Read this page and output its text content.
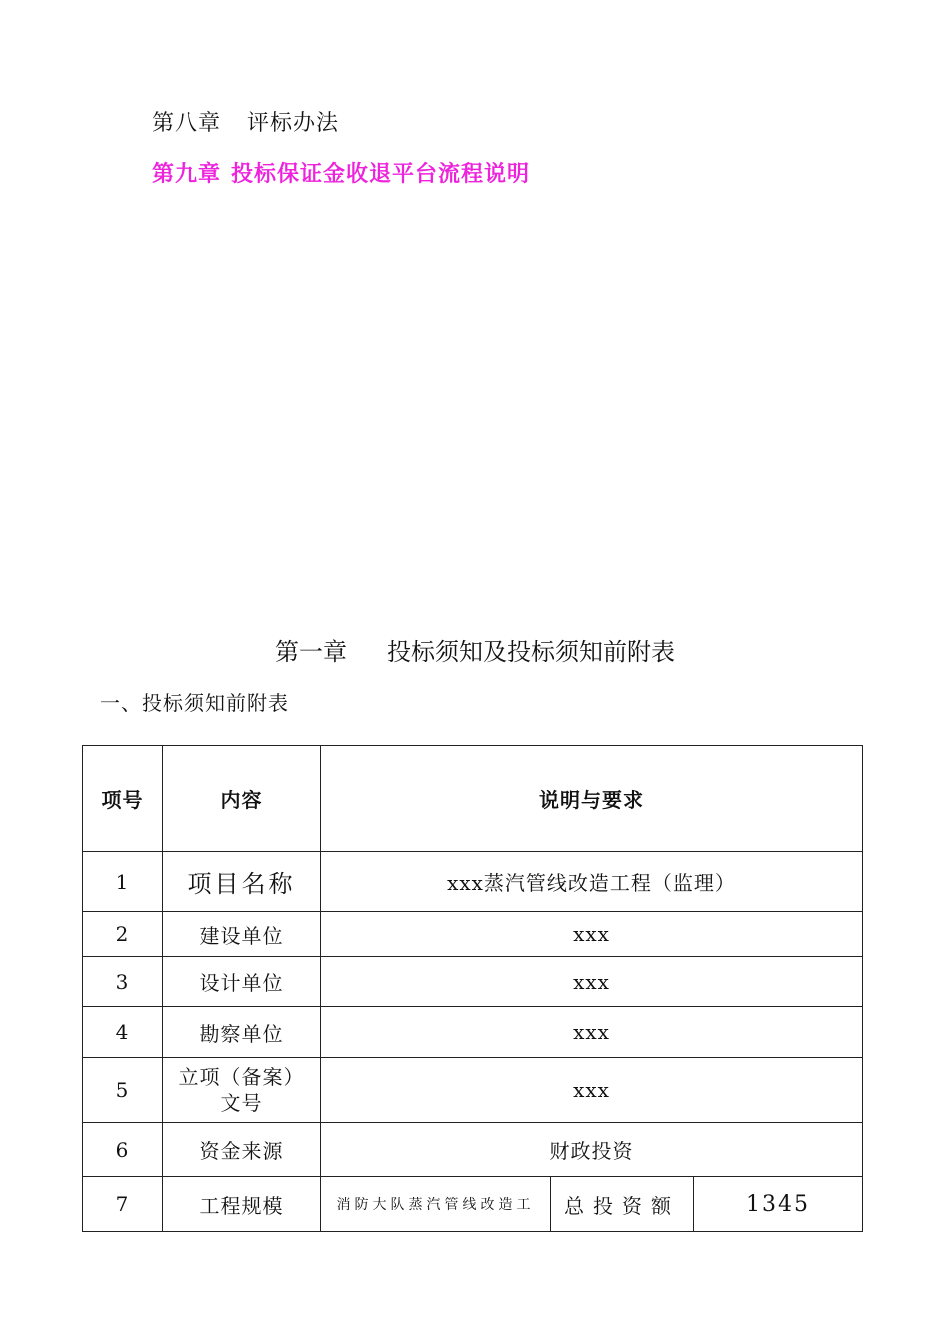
第八章 评标办法
第九章 投标保证金收退平台流程说明
第一章 投标须知及投标须知前附表
一、投标须知前附表
项号	内容	说明与要求		
1	项目名称	xxx蒸汽管线改造工程（监理）		
2	建设单位	xxx		
3	设计单位	xxx		
4	勘察单位	xxx		
5	立项（备案）
文号	xxx		
6	资金来源	财政投资		
7	工程规模	消防大队蒸汽管线改造工	总投资额	1345
